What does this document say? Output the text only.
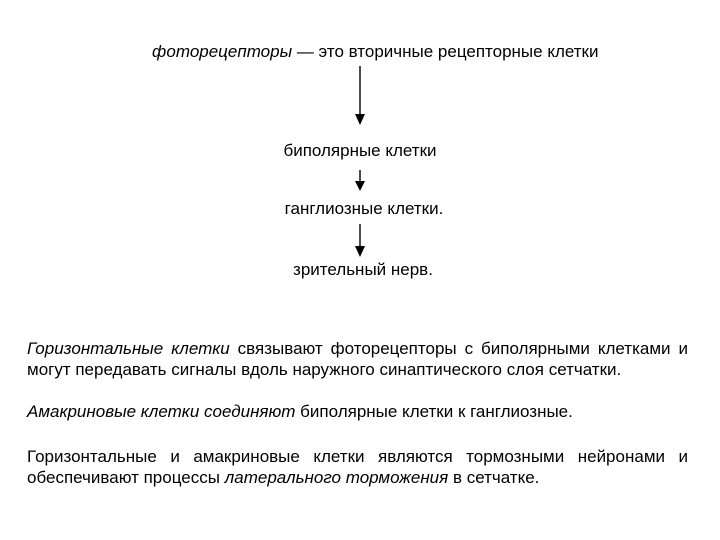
фоторецепторы — это вторичные рецепторные клетки
биполярные клетки
ганглиозные клетки.
зрительный нерв.
Горизонтальные клетки связывают фоторецепторы с биполярными клетками и могут передавать сигналы вдоль наружного синаптического слоя сетчатки.
Амакриновые клетки соединяют биполярные клетки к ганглиозные.
Горизонтальные и амакриновые клетки являются тормозными нейронами и обеспечивают процессы латерального торможения в сетчатке.
